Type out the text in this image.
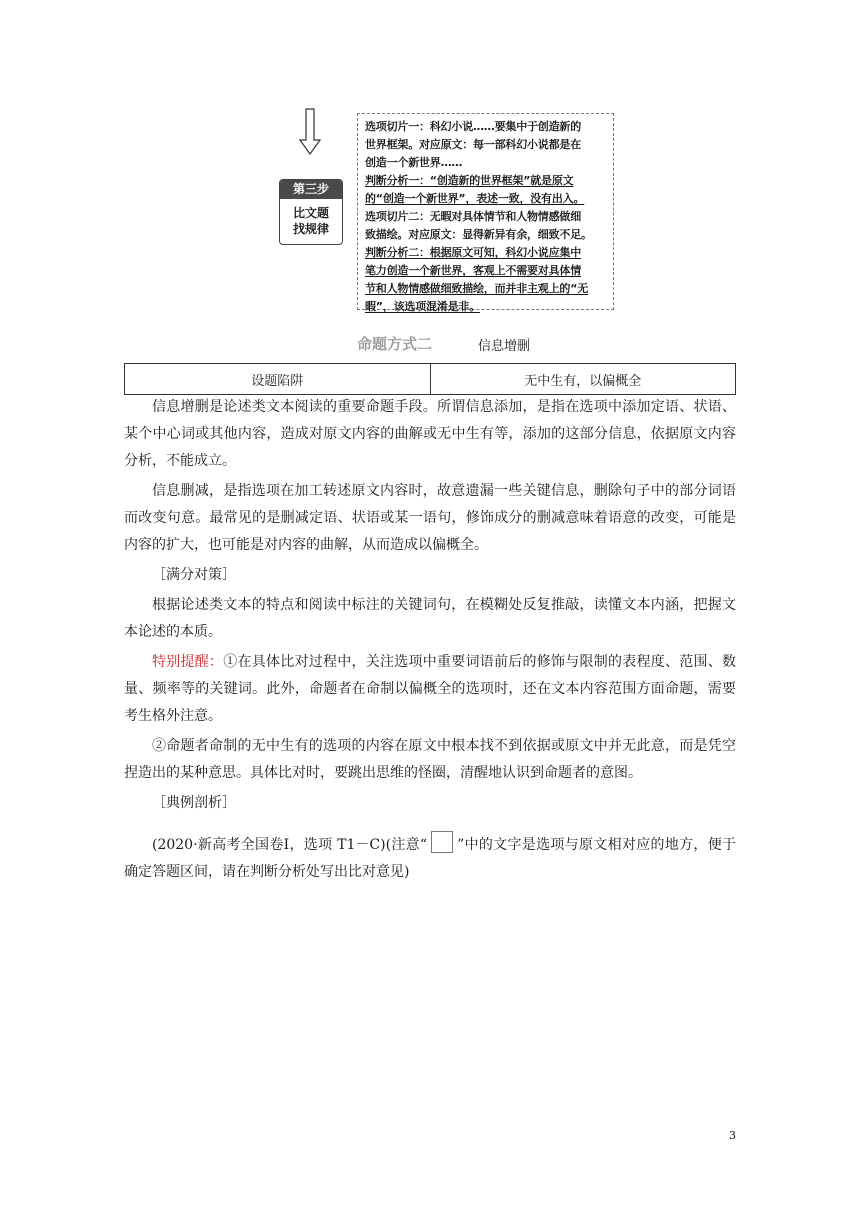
第三步
比文题
找规律

选项切片一：科幻小说……要集中于创造新的

世界框架。对应原文：每一部科幻小说都是在

创造一个新世界……

判断分析一：“创造新的世界框架”就是原文

的“创造一个新世界”，表述一致，没有出入。

选项切片二：无暇对具体情节和人物情感做细

致描绘。对应原文：显得新异有余，细致不足。

判断分析二：根据原文可知，科幻小说应集中

笔力创造一个新世界，客观上不需要对具体情

节和人物情感做细致描绘，而并非主观上的“无

暇”，该选项混淆是非。

命题方式二	信息增删
设题陷阱	无中生有，以偏概全

信息增删是论述类文本阅读的重要命题手段。所谓信息添加，是指在选项中添加定语、状语、某个中心词或其他内容，造成对原文内容的曲解或无中生有等，添加的这部分信息，依据原文内容分析，不能成立。

信息删减，是指选项在加工转述原文内容时，故意遗漏一些关键信息，删除句子中的部分词语而改变句意。最常见的是删减定语、状语或某一语句，修饰成分的删减意味着语意的改变，可能是内容的扩大，也可能是对内容的曲解，从而造成以偏概全。

［满分对策］

根据论述类文本的特点和阅读中标注的关键词句，在模糊处反复推敲，读懂文本内涵，把握文本论述的本质。

特别提醒：①在具体比对过程中，关注选项中重要词语前后的修饰与限制的表程度、范围、数量、频率等的关键词。此外，命题者在命制以偏概全的选项时，还在文本内容范围方面命题，需要考生格外注意。

②命题者命制的无中生有的选项的内容在原文中根本找不到依据或原文中并无此意，而是凭空捏造出的某种意思。具体比对时，要跳出思维的怪圈，清醒地认识到命题者的意图。

［典例剖析］

(2020·新高考全国卷Ⅰ，选项 T1－C)(注意“ ”中的文字是选项与原文相对应的地方，便于确定答题区间，请在判断分析处写出比对意见)

3
